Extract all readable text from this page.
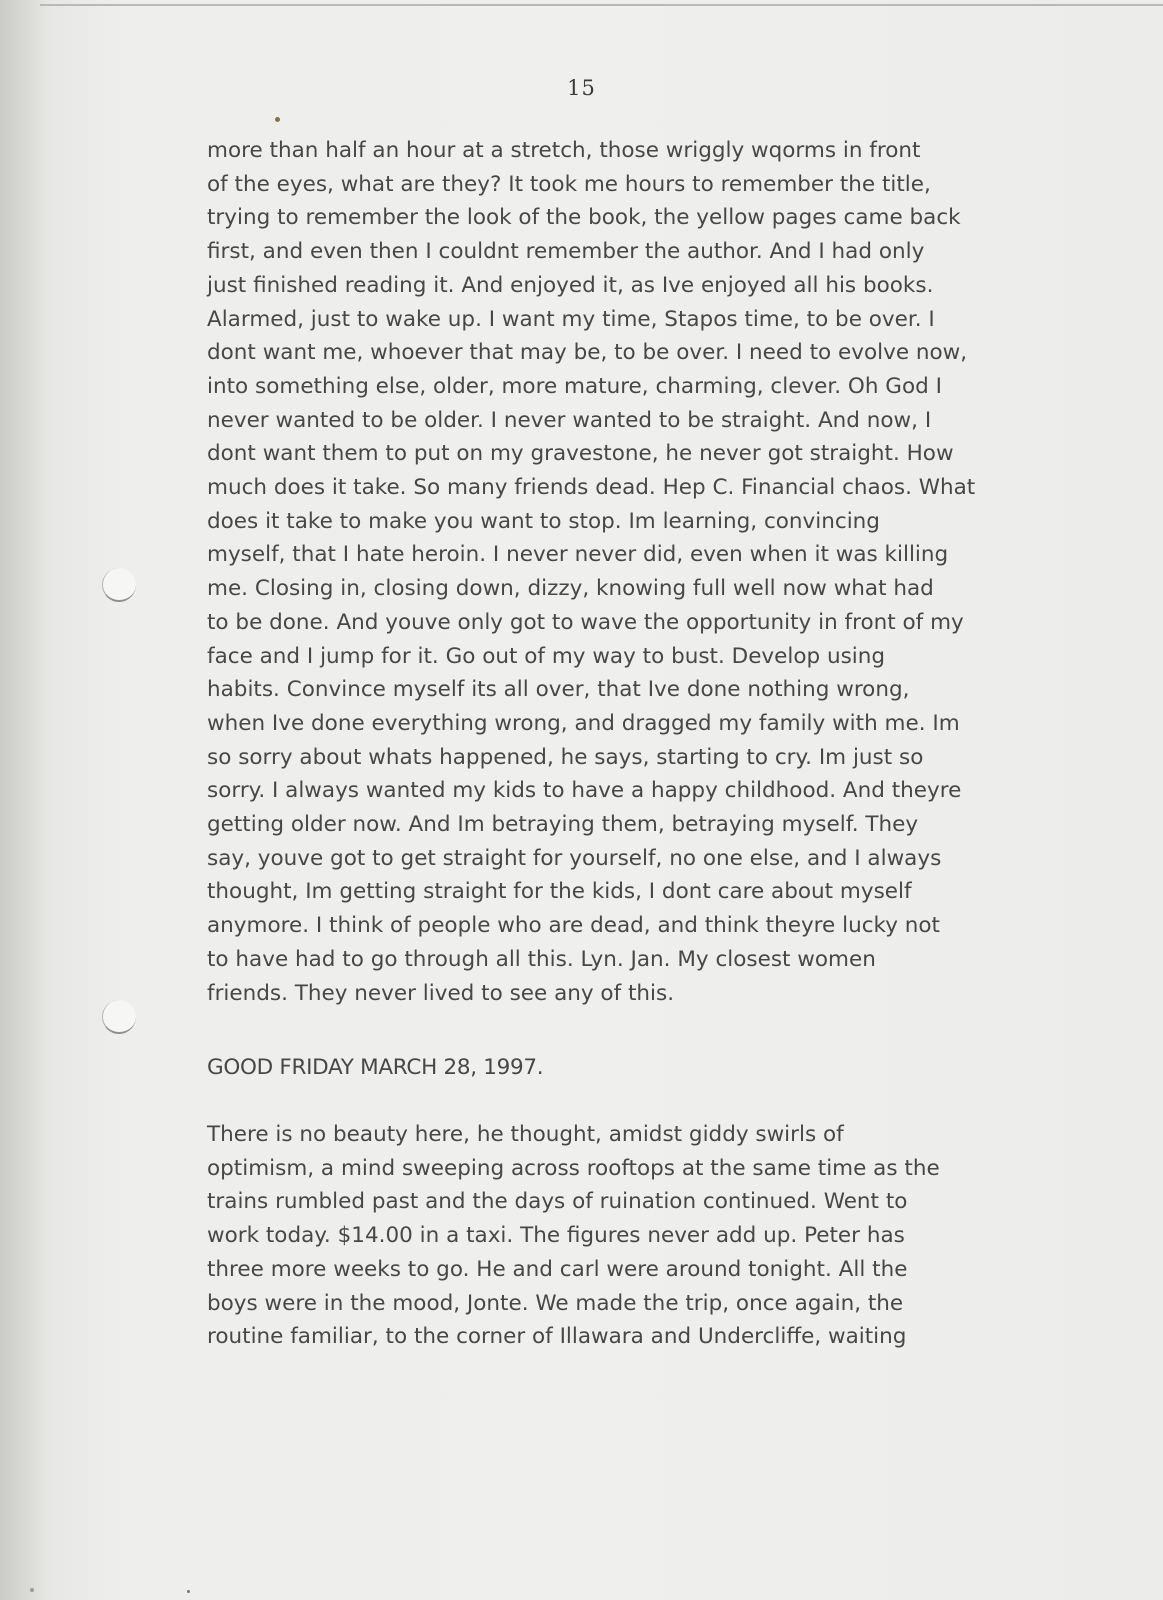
15
more than half an hour at a stretch, those wriggly wqorms in front
of the eyes, what are they? It took me hours to remember the title,
trying to remember the look of the book, the yellow pages came back
first, and even then I couldnt remember the author. And I had only
just finished reading it. And enjoyed it, as Ive enjoyed all his books.
Alarmed, just to wake up. I want my time, Stapos time, to be over. I
dont want me, whoever that may be, to be over. I need to evolve now,
into something else, older, more mature, charming, clever. Oh God I
never wanted to be older. I never wanted to be straight. And now, I
dont want them to put on my gravestone, he never got straight. How
much does it take. So many friends dead. Hep C. Financial chaos. What
does it take to make you want to stop. Im learning, convincing
myself, that I hate heroin. I never never did, even when it was killing
me. Closing in, closing down, dizzy, knowing full well now what had
to be done. And youve only got to wave the opportunity in front of my
face and I jump for it. Go out of my way to bust. Develop using
habits. Convince myself its all over, that Ive done nothing wrong,
when Ive done everything wrong, and dragged my family with me. Im
so sorry about whats happened, he says, starting to cry. Im just so
sorry. I always wanted my kids to have a happy childhood. And theyre
getting older now. And Im betraying them, betraying myself. They
say, youve got to get straight for yourself, no one else, and I always
thought, Im getting straight for the kids, I dont care about myself
anymore. I think of people who are dead, and think theyre lucky not
to have had to go through all this. Lyn. Jan. My closest women
friends. They never lived to see any of this.
GOOD FRIDAY MARCH 28, 1997.
There is no beauty here, he thought, amidst giddy swirls of
optimism, a mind sweeping across rooftops at the same time as the
trains rumbled past and the days of ruination continued. Went to
work today. $14.00 in a taxi. The figures never add up. Peter has
three more weeks to go. He and carl were around tonight. All the
boys were in the mood, Jonte. We made the trip, once again, the
routine familiar, to the corner of Illawara and Undercliffe, waiting
